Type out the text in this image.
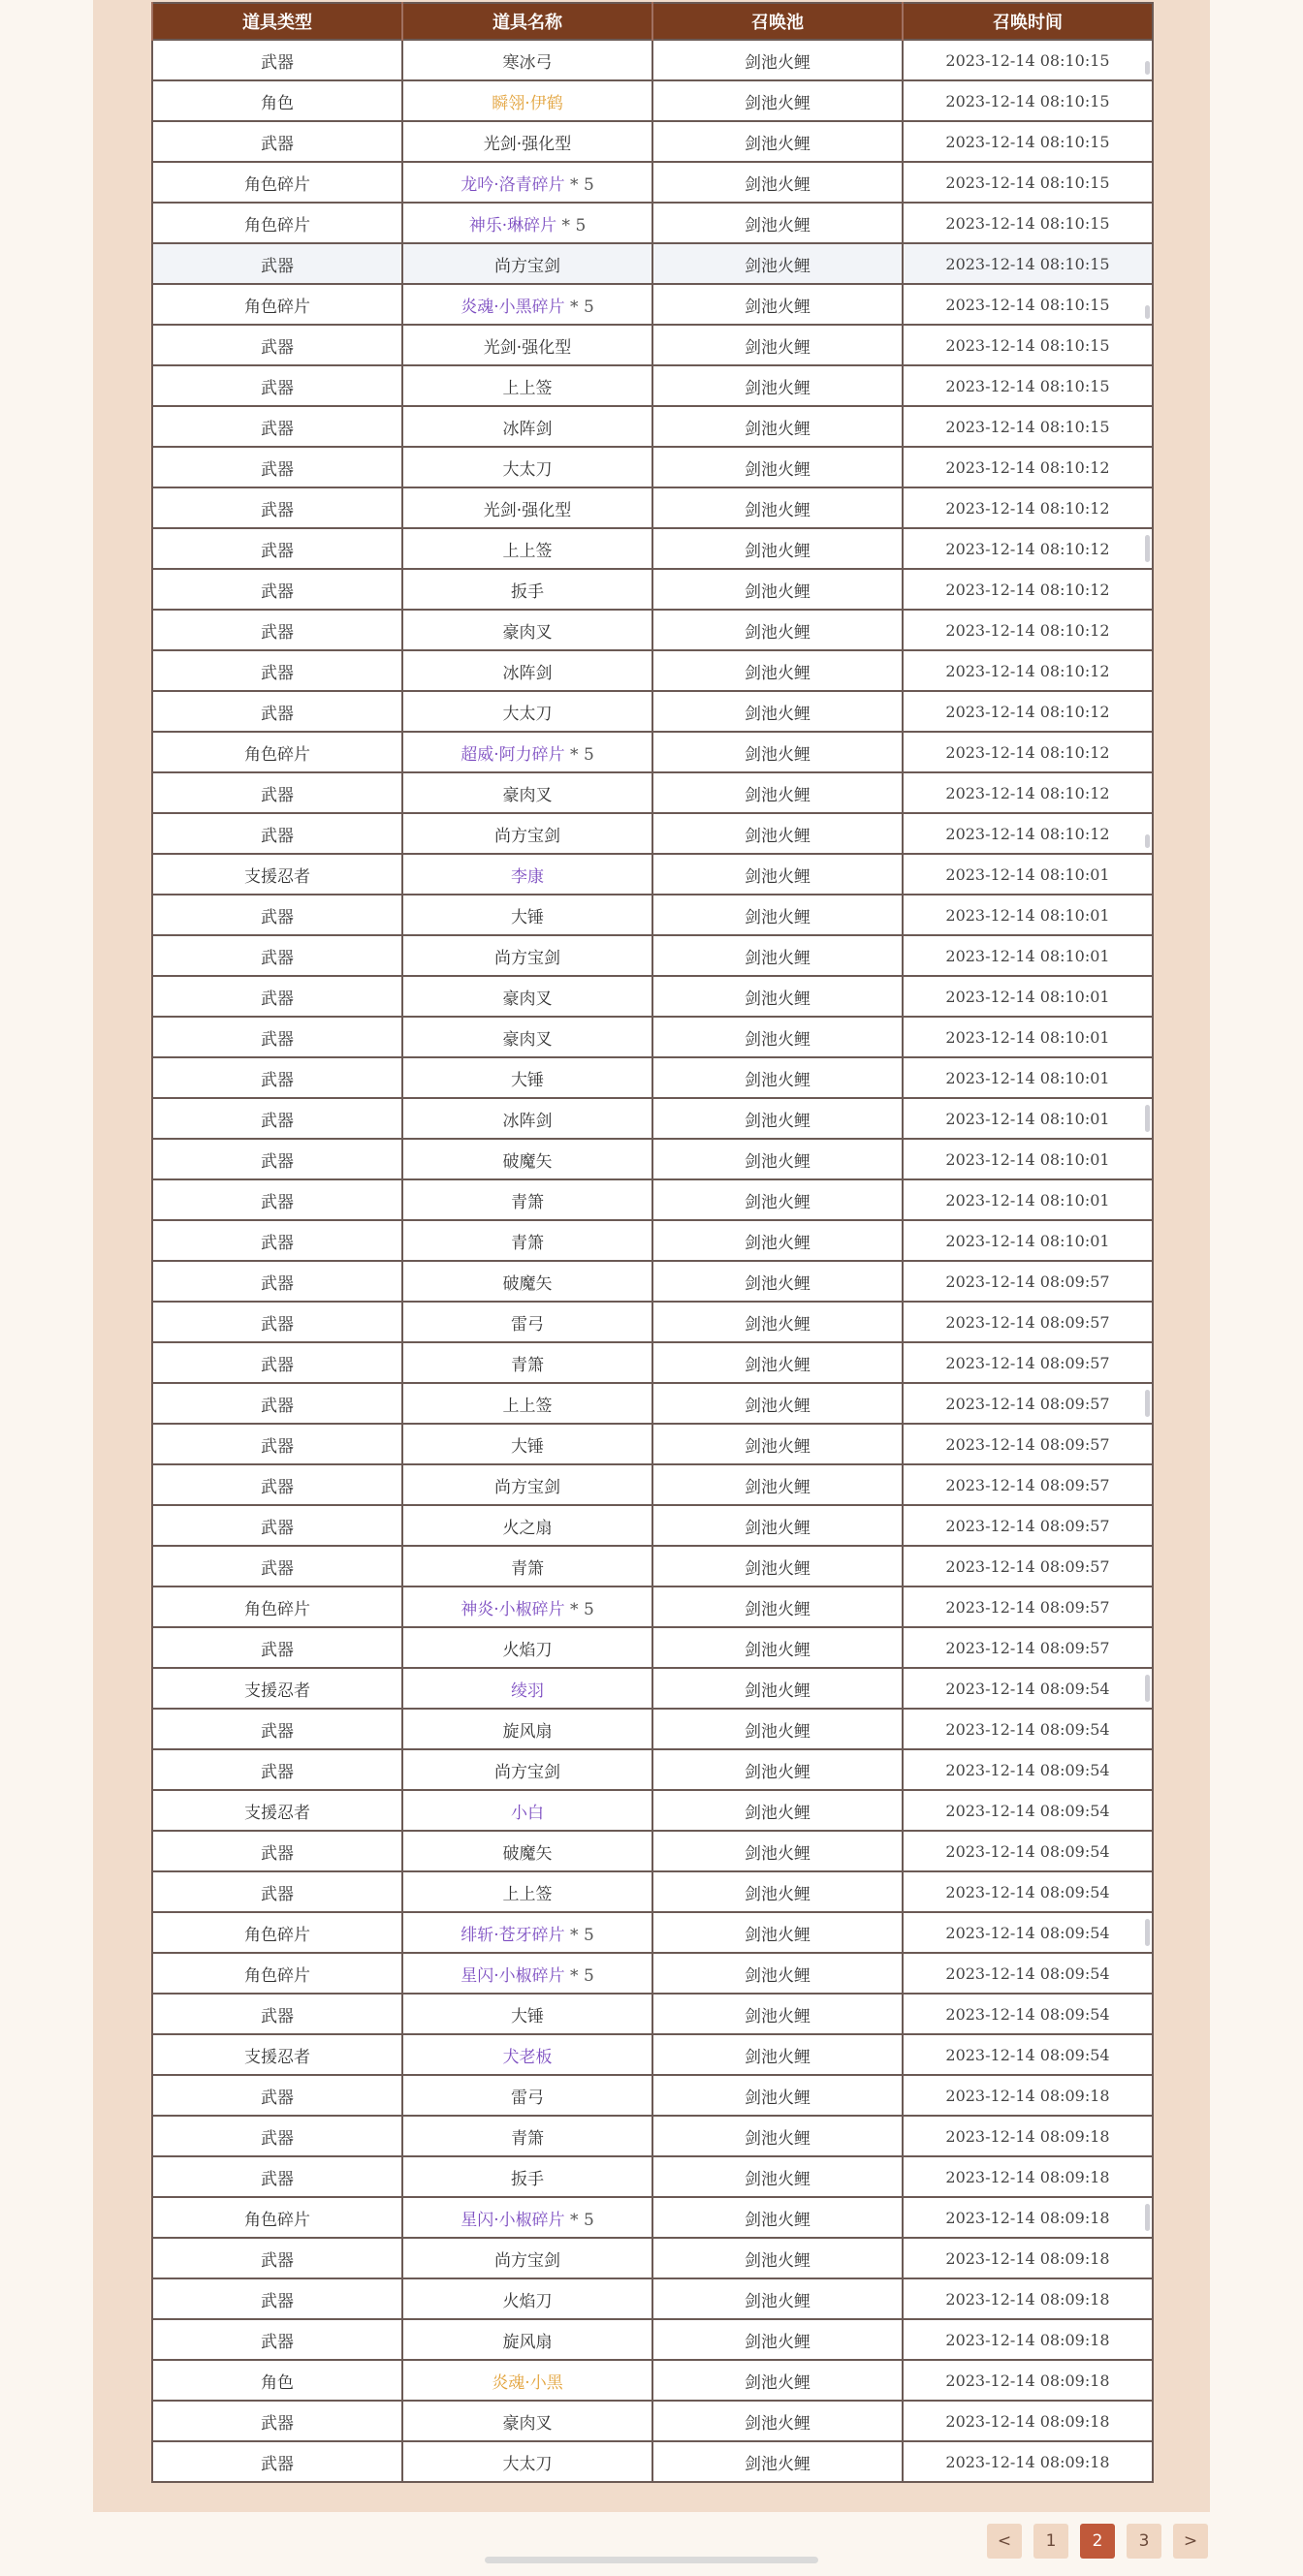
道具类型	道具名称	召唤池	召唤时间
武器	寒冰弓	剑池火鲤	2023-12-14 08:10:15

角色	瞬翎·伊鹤	剑池火鲤	2023-12-14 08:10:15
武器	光剑·强化型	剑池火鲤	2023-12-14 08:10:15
角色碎片	龙吟·洛青碎片 * 5	剑池火鲤	2023-12-14 08:10:15
角色碎片	神乐·琳碎片 * 5	剑池火鲤	2023-12-14 08:10:15
武器	尚方宝剑	剑池火鲤	2023-12-14 08:10:15
角色碎片	炎魂·小黑碎片 * 5	剑池火鲤	2023-12-14 08:10:15

武器	光剑·强化型	剑池火鲤	2023-12-14 08:10:15
武器	上上签	剑池火鲤	2023-12-14 08:10:15
武器	冰阵剑	剑池火鲤	2023-12-14 08:10:15
武器	大太刀	剑池火鲤	2023-12-14 08:10:12
武器	光剑·强化型	剑池火鲤	2023-12-14 08:10:12
武器	上上签	剑池火鲤	2023-12-14 08:10:12

武器	扳手	剑池火鲤	2023-12-14 08:10:12
武器	豪肉叉	剑池火鲤	2023-12-14 08:10:12
武器	冰阵剑	剑池火鲤	2023-12-14 08:10:12
武器	大太刀	剑池火鲤	2023-12-14 08:10:12
角色碎片	超威·阿力碎片 * 5	剑池火鲤	2023-12-14 08:10:12
武器	豪肉叉	剑池火鲤	2023-12-14 08:10:12
武器	尚方宝剑	剑池火鲤	2023-12-14 08:10:12

支援忍者	李康	剑池火鲤	2023-12-14 08:10:01
武器	大锤	剑池火鲤	2023-12-14 08:10:01
武器	尚方宝剑	剑池火鲤	2023-12-14 08:10:01
武器	豪肉叉	剑池火鲤	2023-12-14 08:10:01
武器	豪肉叉	剑池火鲤	2023-12-14 08:10:01
武器	大锤	剑池火鲤	2023-12-14 08:10:01
武器	冰阵剑	剑池火鲤	2023-12-14 08:10:01

武器	破魔矢	剑池火鲤	2023-12-14 08:10:01
武器	青箫	剑池火鲤	2023-12-14 08:10:01
武器	青箫	剑池火鲤	2023-12-14 08:10:01
武器	破魔矢	剑池火鲤	2023-12-14 08:09:57
武器	雷弓	剑池火鲤	2023-12-14 08:09:57
武器	青箫	剑池火鲤	2023-12-14 08:09:57
武器	上上签	剑池火鲤	2023-12-14 08:09:57

武器	大锤	剑池火鲤	2023-12-14 08:09:57
武器	尚方宝剑	剑池火鲤	2023-12-14 08:09:57
武器	火之扇	剑池火鲤	2023-12-14 08:09:57
武器	青箫	剑池火鲤	2023-12-14 08:09:57
角色碎片	神炎·小椒碎片 * 5	剑池火鲤	2023-12-14 08:09:57
武器	火焰刀	剑池火鲤	2023-12-14 08:09:57
支援忍者	绫羽	剑池火鲤	2023-12-14 08:09:54

武器	旋风扇	剑池火鲤	2023-12-14 08:09:54
武器	尚方宝剑	剑池火鲤	2023-12-14 08:09:54
支援忍者	小白	剑池火鲤	2023-12-14 08:09:54
武器	破魔矢	剑池火鲤	2023-12-14 08:09:54
武器	上上签	剑池火鲤	2023-12-14 08:09:54
角色碎片	绯斩·苍牙碎片 * 5	剑池火鲤	2023-12-14 08:09:54

角色碎片	星闪·小椒碎片 * 5	剑池火鲤	2023-12-14 08:09:54
武器	大锤	剑池火鲤	2023-12-14 08:09:54
支援忍者	犬老板	剑池火鲤	2023-12-14 08:09:54
武器	雷弓	剑池火鲤	2023-12-14 08:09:18
武器	青箫	剑池火鲤	2023-12-14 08:09:18
武器	扳手	剑池火鲤	2023-12-14 08:09:18
角色碎片	星闪·小椒碎片 * 5	剑池火鲤	2023-12-14 08:09:18

武器	尚方宝剑	剑池火鲤	2023-12-14 08:09:18
武器	火焰刀	剑池火鲤	2023-12-14 08:09:18
武器	旋风扇	剑池火鲤	2023-12-14 08:09:18
角色	炎魂·小黑	剑池火鲤	2023-12-14 08:09:18
武器	豪肉叉	剑池火鲤	2023-12-14 08:09:18
武器	大太刀	剑池火鲤	2023-12-14 08:09:18
<	1	2	3	>
